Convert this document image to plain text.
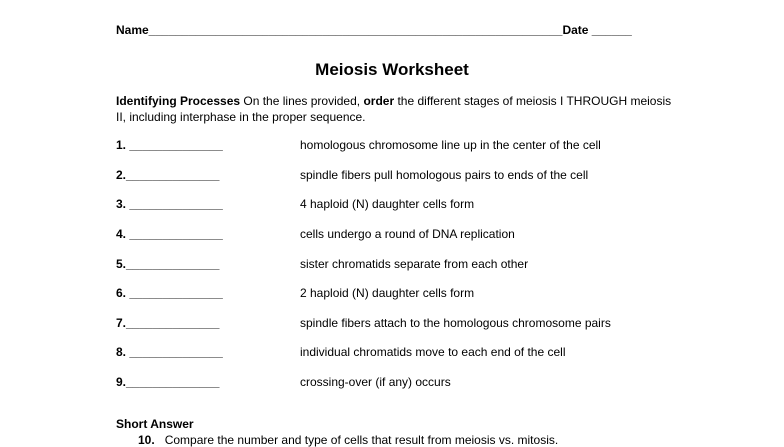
Name______________________________________________________________Date ______
Meiosis Worksheet
Identifying Processes On the lines provided, order the different stages of meiosis I THROUGH meiosis II, including interphase in the proper sequence.
1. ______________	homologous chromosome line up in the center of the cell
2.______________	spindle fibers pull homologous pairs to ends of the cell
3. ______________	4 haploid (N) daughter cells form
4. ______________	cells undergo a round of DNA replication
5.______________	sister chromatids separate from each other
6. ______________	2 haploid (N) daughter cells form
7.______________	spindle fibers attach to the homologous chromosome pairs
8. ______________	individual chromatids move to each end of the cell
9.______________	crossing-over (if any) occurs
Short Answer
10. Compare the number and type of cells that result from meiosis vs. mitosis.
